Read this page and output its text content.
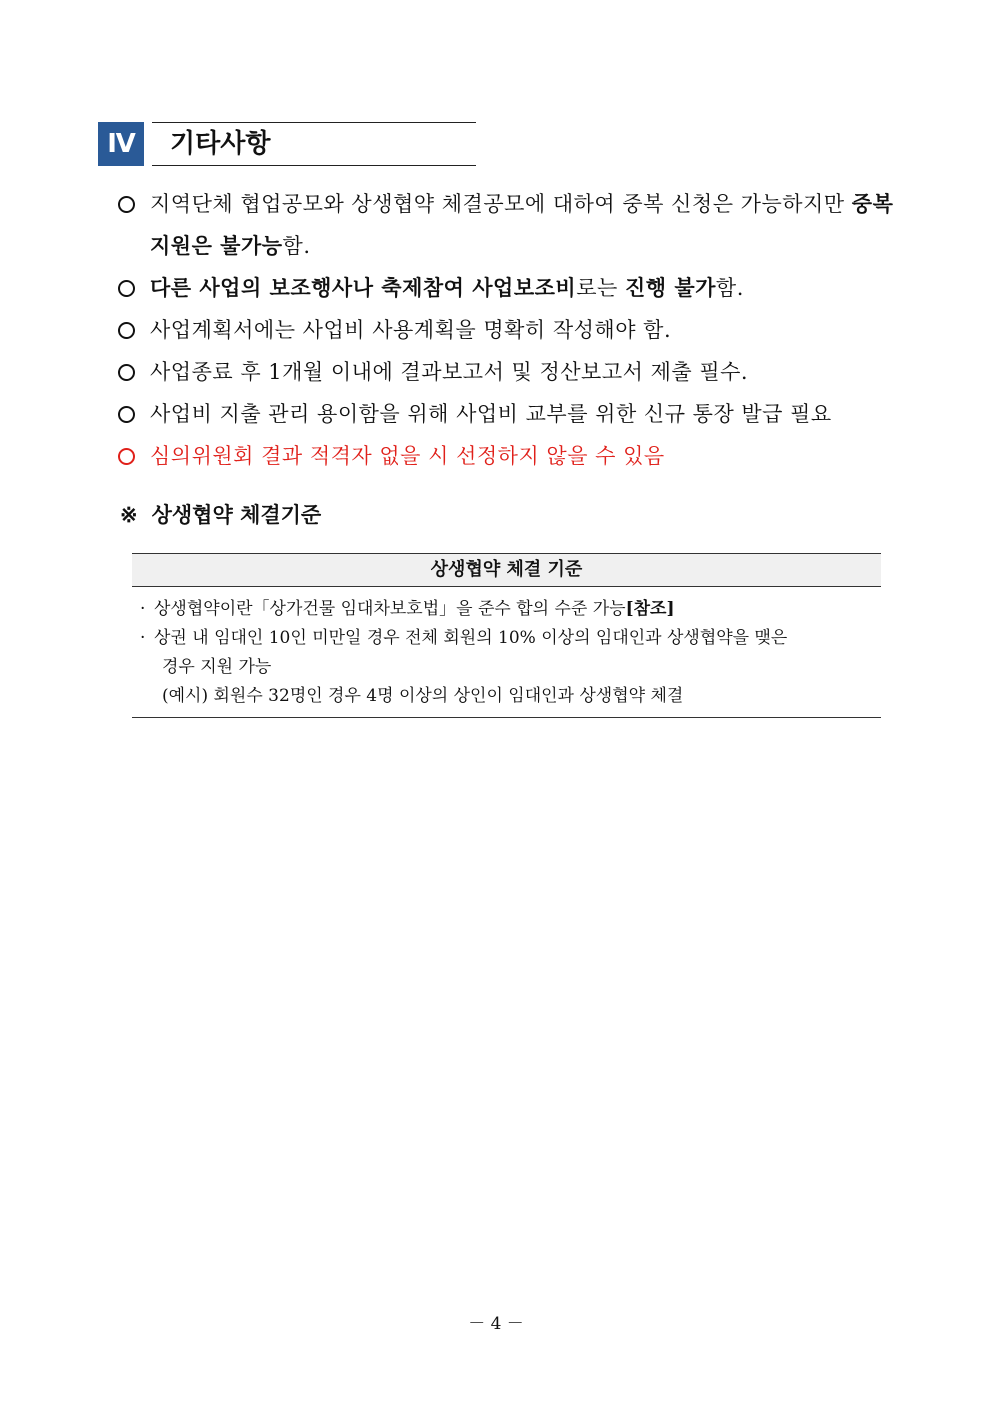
Ⅳ	기타사항
지역단체 협업공모와 상생협약 체결공모에 대하여 중복 신청은 가능하지만 중복 지원은 불가능함.
다른 사업의 보조행사나 축제참여 사업보조비로는 진행 불가함.
사업계획서에는 사업비 사용계획을 명확히 작성해야 함.
사업종료 후 1개월 이내에 결과보고서 및 정산보고서 제출 필수.
사업비 지출 관리 용이함을 위해 사업비 교부를 위한 신규 통장 발급 필요
심의위원회 결과 적격자 없을 시 선정하지 않을 수 있음
※ 상생협약 체결기준
상생협약 체결 기준
· 상생협약이란「상가건물 임대차보호법」을 준수 합의 수준 가능[참조]
· 상권 내 임대인 10인 미만일 경우 전체 회원의 10% 이상의 임대인과 상생협약을 맺은
경우 지원 가능
(예시) 회원수 32명인 경우 4명 이상의 상인이 임대인과 상생협약 체결
－ 4 －
